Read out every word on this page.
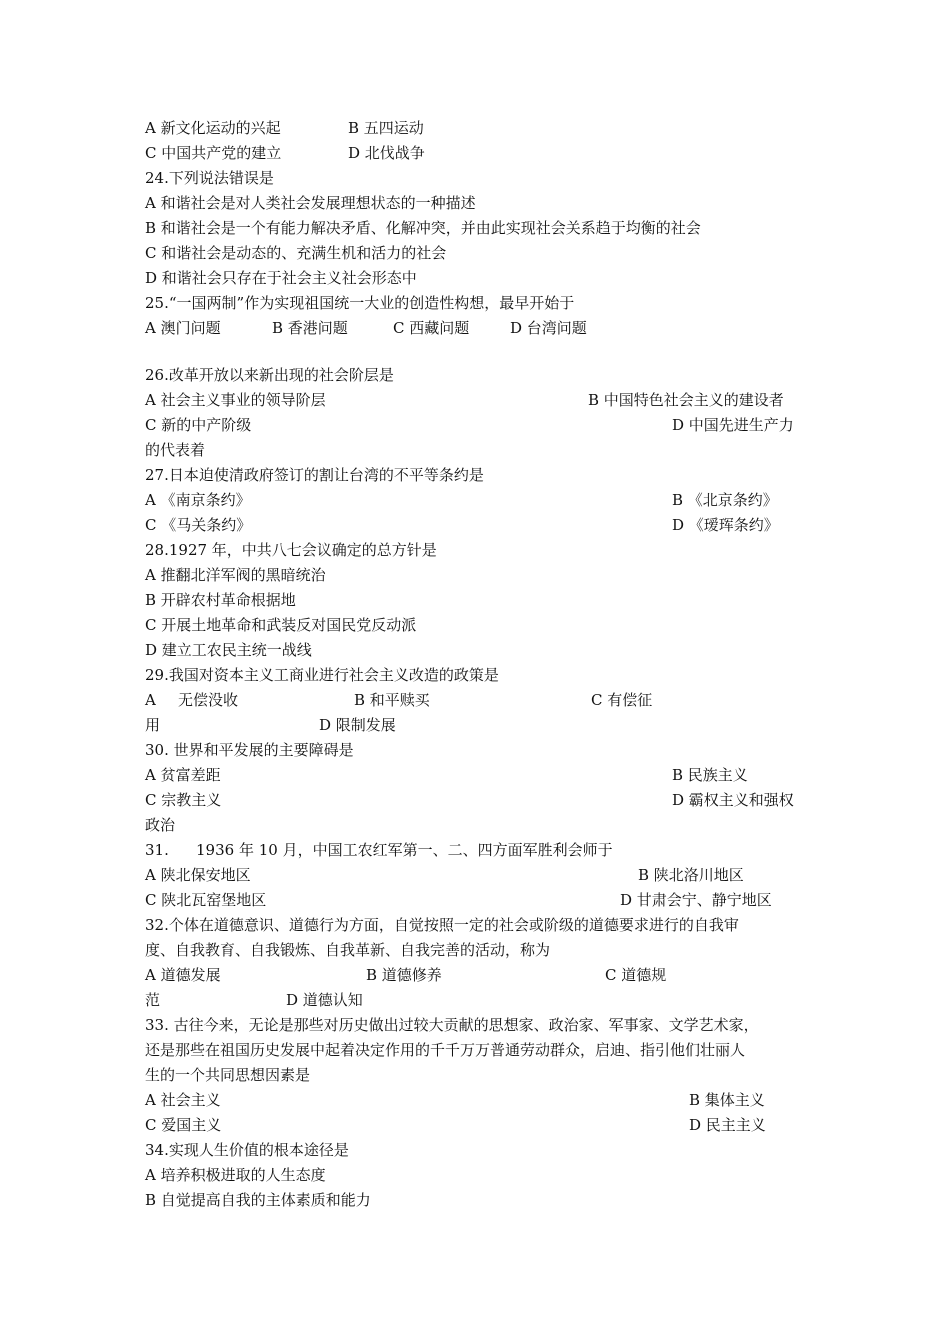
A 新文化运动的兴起	B 五四运动
C 中国共产党的建立	D 北伐战争
24.下列说法错误是
A 和谐社会是对人类社会发展理想状态的一种描述
B 和谐社会是一个有能力解决矛盾、化解冲突，并由此实现社会关系趋于均衡的社会
C 和谐社会是动态的、充满生机和活力的社会
D 和谐社会只存在于社会主义社会形态中
25.“一国两制”作为实现祖国统一大业的创造性构想，最早开始于
A 澳门问题	B 香港问题	C 西藏问题	D 台湾问题
26.改革开放以来新出现的社会阶层是
A 社会主义事业的领导阶层	B 中国特色社会主义的建设者
C 新的中产阶级	D 中国先进生产力
的代表着
27.日本迫使清政府签订的割让台湾的不平等条约是
A 《南京条约》	B 《北京条约》
C 《马关条约》	D 《瑷珲条约》
28.1927 年，中共八七会议确定的总方针是
A 推翻北洋军阀的黑暗统治
B 开辟农村革命根据地
C 开展土地革命和武装反对国民党反动派
D 建立工农民主统一战线
29.我国对资本主义工商业进行社会主义改造的政策是
A 无偿没收	B 和平赎买	C 有偿征
用	D 限制发展
30. 世界和平发展的主要障碍是
A 贫富差距	B 民族主义
C 宗教主义	D 霸权主义和强权
政治
31. 1936 年 10 月，中国工农红军第一、二、四方面军胜利会师于
A 陕北保安地区	B 陕北洛川地区
C 陕北瓦窑堡地区	D 甘肃会宁、静宁地区
32.个体在道德意识、道德行为方面，自觉按照一定的社会或阶级的道德要求进行的自我审
度、自我教育、自我锻炼、自我革新、自我完善的活动，称为
A 道德发展	B 道德修养	C 道德规
范	D 道德认知
33. 古往今来，无论是那些对历史做出过较大贡献的思想家、政治家、军事家、文学艺术家，
还是那些在祖国历史发展中起着决定作用的千千万万普通劳动群众，启迪、指引他们壮丽人
生的一个共同思想因素是
A 社会主义	B 集体主义
C 爱国主义	D 民主主义
34.实现人生价值的根本途径是
A 培养积极进取的人生态度
B 自觉提高自我的主体素质和能力
